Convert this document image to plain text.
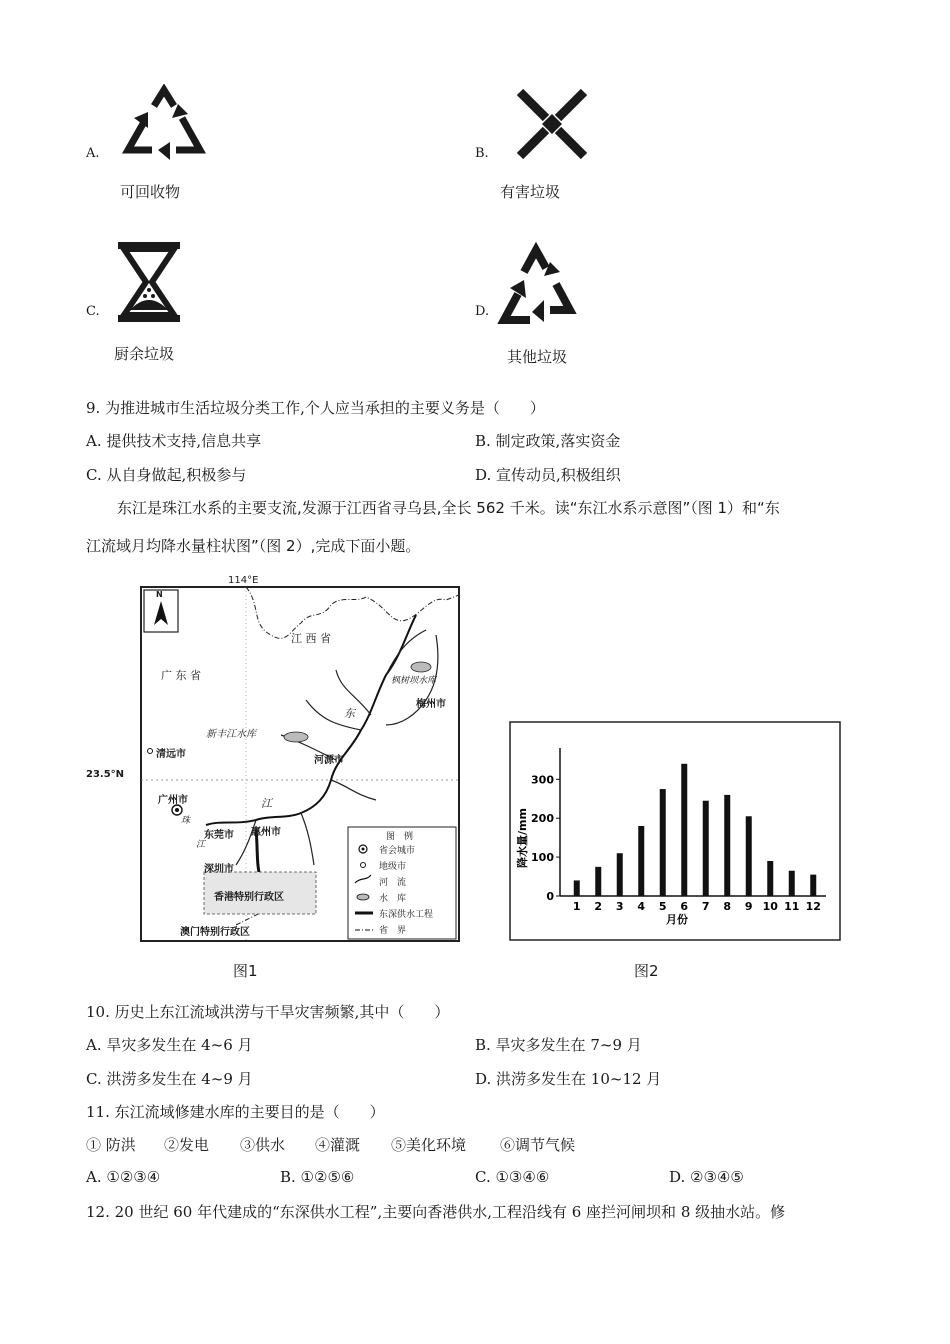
A.
可回收物
B.
有害垃圾
C.
厨余垃圾
D.
其他垃圾
9. 为推进城市生活垃圾分类工作,个人应当承担的主要义务是（　　）
A. 提供技术支持,信息共享	B. 制定政策,落实资金
C. 从自身做起,积极参与	D. 宣传动员,积极组织
东江是珠江水系的主要支流,发源于江西省寻乌县,全长 562 千米。读“东江水系示意图”（图 1）和“东
江流域月均降水量柱状图”（图 2）,完成下面小题。
114°E
23.5°N
N
江 西 省
广 东 省	枫树坝水库
梅州市
东
新丰江水库
河源市
清远市
广州市	江
珠
惠州市
东莞市
江
深圳市
香港特别行政区
澳门特别行政区
图　例
省会城市
地级市
河　流
水　库
东深供水工程
省　界
图1
0
100
200
300
1 2 3 4 5 6 7 8 9 10 11 12
降水量/mm
月份
图2
10. 历史上东江流域洪涝与干旱灾害频繁,其中（　　）
A. 旱灾多发生在 4~6 月	B. 旱灾多发生在 7~9 月
C. 洪涝多发生在 4~9 月	D. 洪涝多发生在 10~12 月
11. 东江流域修建水库的主要目的是（　　）
① 防洪 ②发电 ③供水 ④灌溉 ⑤美化环境 ⑥调节气候
A. ①②③④	B. ①②⑤⑥	C. ①③④⑥	D. ②③④⑤
12. 20 世纪 60 年代建成的“东深供水工程”,主要向香港供水,工程沿线有 6 座拦河闸坝和 8 级抽水站。修
